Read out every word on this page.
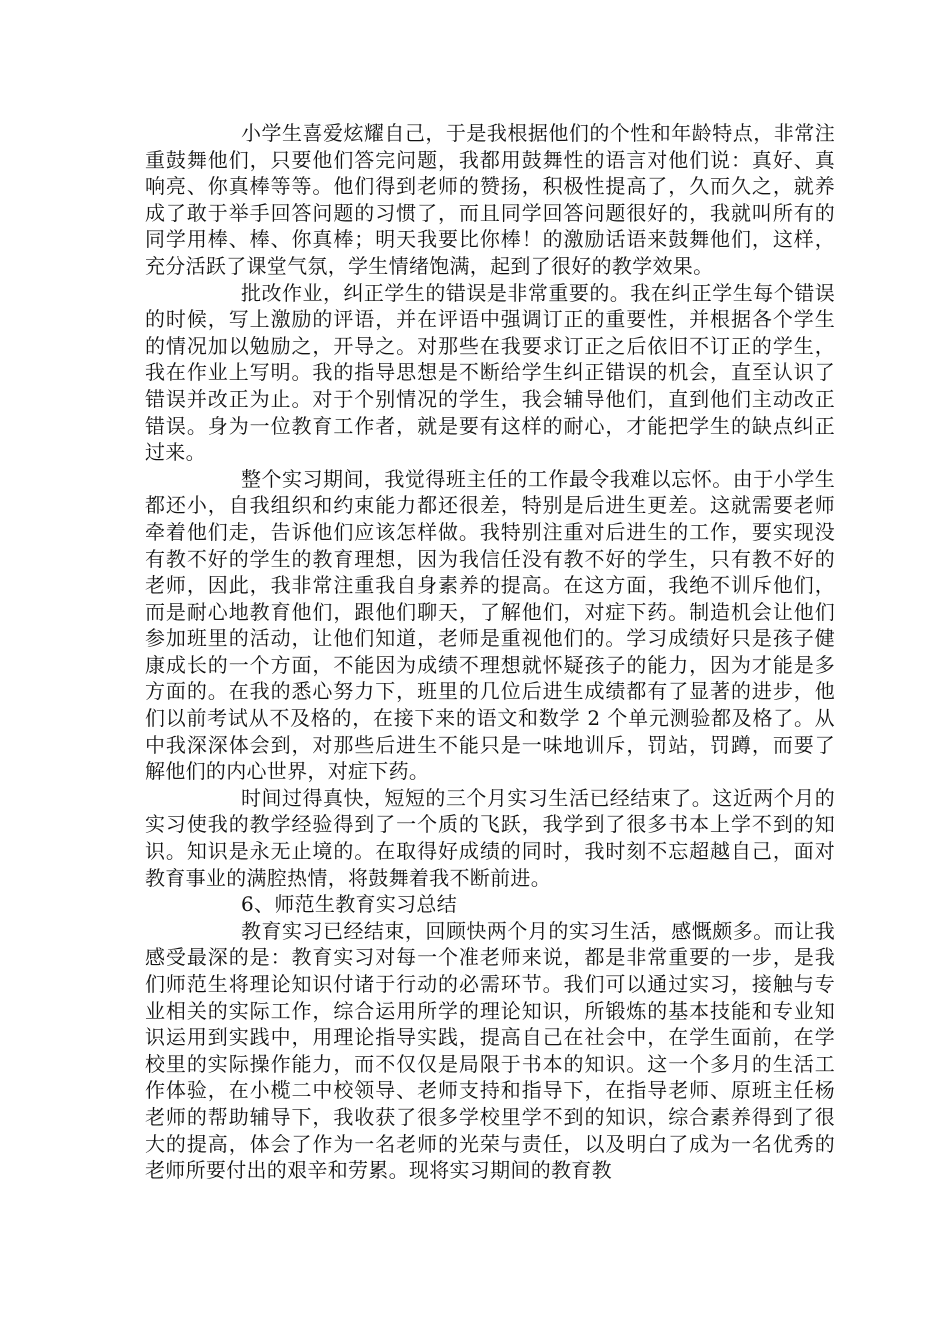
小学生喜爱炫耀自己，于是我根据他们的个性和年龄特点，非常注重鼓舞他们，只要他们答完问题，我都用鼓舞性的语言对他们说：真好、真响亮、你真棒等等。他们得到老师的赞扬，积极性提高了，久而久之，就养成了敢于举手回答问题的习惯了，而且同学回答问题很好的，我就叫所有的同学用棒、棒、你真棒；明天我要比你棒！的激励话语来鼓舞他们，这样，充分活跃了课堂气氛，学生情绪饱满，起到了很好的教学效果。

批改作业，纠正学生的错误是非常重要的。我在纠正学生每个错误的时候，写上激励的评语，并在评语中强调订正的重要性，并根据各个学生的情况加以勉励之，开导之。对那些在我要求订正之后依旧不订正的学生，我在作业上写明。我的指导思想是不断给学生纠正错误的机会，直至认识了错误并改正为止。对于个别情况的学生，我会辅导他们，直到他们主动改正错误。身为一位教育工作者，就是要有这样的耐心，才能把学生的缺点纠正过来。

整个实习期间，我觉得班主任的工作最令我难以忘怀。由于小学生都还小，自我组织和约束能力都还很差，特别是后进生更差。这就需要老师牵着他们走，告诉他们应该怎样做。我特别注重对后进生的工作，要实现没有教不好的学生的教育理想，因为我信任没有教不好的学生，只有教不好的老师，因此，我非常注重我自身素养的提高。在这方面，我绝不训斥他们，而是耐心地教育他们，跟他们聊天，了解他们，对症下药。制造机会让他们参加班里的活动，让他们知道，老师是重视他们的。学习成绩好只是孩子健康成长的一个方面，不能因为成绩不理想就怀疑孩子的能力，因为才能是多方面的。在我的悉心努力下，班里的几位后进生成绩都有了显著的进步，他们以前考试从不及格的，在接下来的语文和数学 2 个单元测验都及格了。从中我深深体会到，对那些后进生不能只是一味地训斥，罚站，罚蹲，而要了解他们的内心世界，对症下药。

时间过得真快，短短的三个月实习生活已经结束了。这近两个月的实习使我的教学经验得到了一个质的飞跃，我学到了很多书本上学不到的知识。知识是永无止境的。在取得好成绩的同时，我时刻不忘超越自己，面对教育事业的满腔热情，将鼓舞着我不断前进。

6、师范生教育实习总结

教育实习已经结束，回顾快两个月的实习生活，感慨颇多。而让我感受最深的是：教育实习对每一个准老师来说，都是非常重要的一步，是我们师范生将理论知识付诸于行动的必需环节。我们可以通过实习，接触与专业相关的实际工作，综合运用所学的理论知识，所锻炼的基本技能和专业知识运用到实践中，用理论指导实践，提高自己在社会中，在学生面前，在学校里的实际操作能力，而不仅仅是局限于书本的知识。这一个多月的生活工作体验，在小榄二中校领导、老师支持和指导下，在指导老师、原班主任杨老师的帮助辅导下，我收获了很多学校里学不到的知识，综合素养得到了很大的提高，体会了作为一名老师的光荣与责任，以及明白了成为一名优秀的老师所要付出的艰辛和劳累。现将实习期间的教育教
